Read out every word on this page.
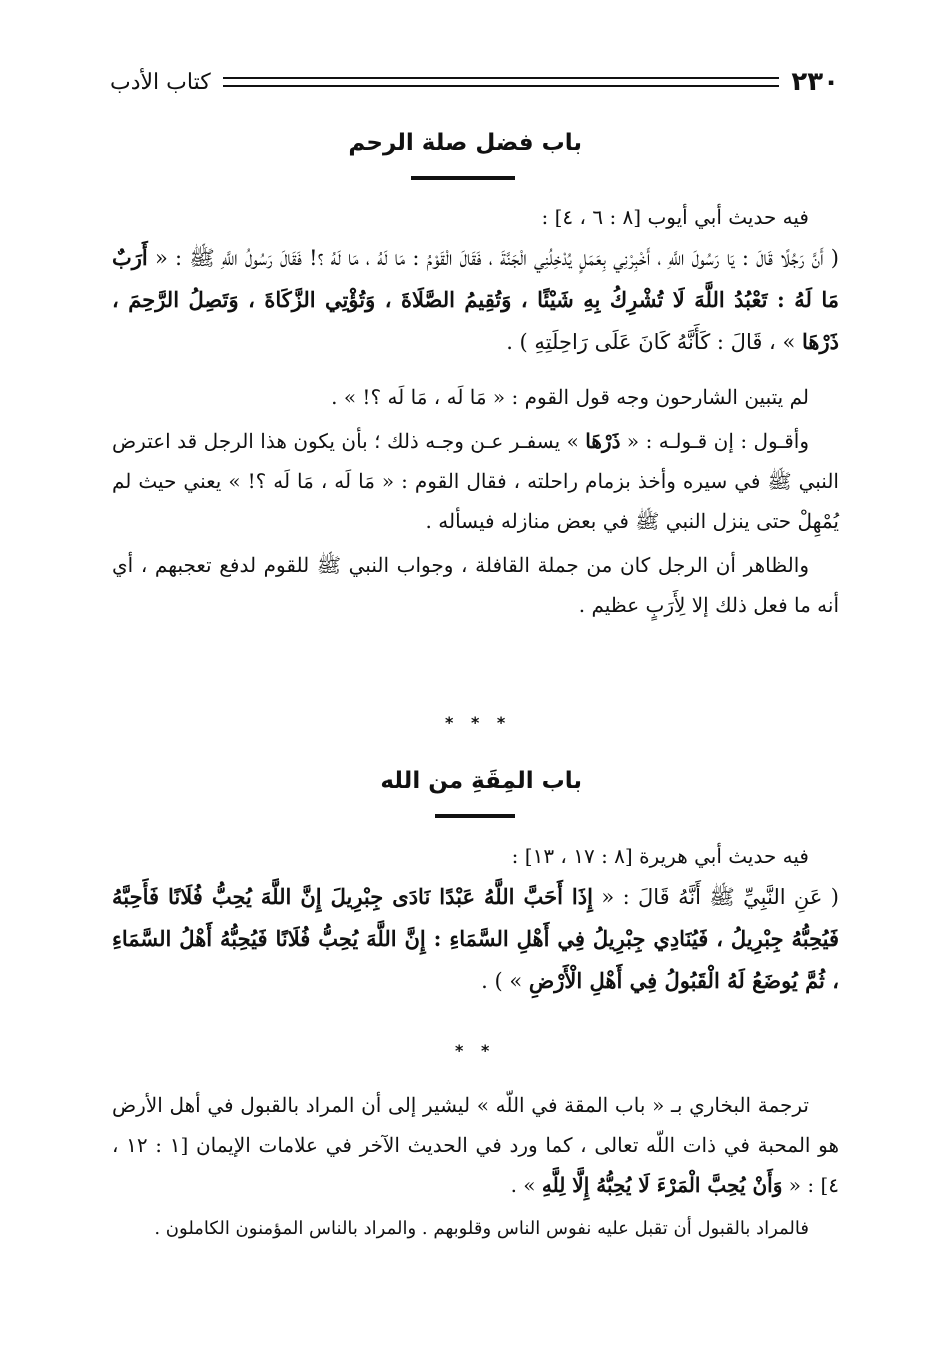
٢٣٠
كتاب الأدب
باب فضل صلة الرحم

فيه حديث أبي أيوب [٨ : ٦ ، ٤] :

( أَنَّ رَجُلًا قَالَ : يَا رَسُولَ اللَّهِ ، أَخْبِرْنِي بِعَمَلٍ يُدْخِلُنِي الْجَنَّةَ ، فَقَالَ الْقَوْمُ : مَا لَهُ ، مَا لَهُ ؟! فَقَالَ رَسُولُ اللَّهِ ﷺ : « أَرَبٌ مَا لَهُ : تَعْبُدُ اللَّهَ لَا تُشْرِكُ بِهِ شَيْئًا ، وَتُقِيمُ الصَّلَاةَ ، وَتُؤْتِي الزَّكَاةَ ، وَتَصِلُ الرَّحِمَ ، ذَرْهَا » ، قَالَ : كَأَنَّهُ كَانَ عَلَى رَاحِلَتِهِ ) .

لم يتبين الشارحون وجه قول القوم : « مَا لَه ، مَا لَه ؟! » .

وأقـول : إن قـولـه : « ذَرْهَا » يسفـر عـن وجـه ذلك ؛ بأن يكون هذا الرجل قد اعترض النبي ﷺ في سيره وأخذ بزمام راحلته ، فقال القوم : « مَا لَه ، مَا لَه ؟! » يعني حيث لم يُمْهِلْ حتى ينزل النبي ﷺ في بعض منازله فيسأله .

والظاهر أن الرجل كان من جملة القافلة ، وجواب النبي ﷺ للقوم لدفع تعجبهم ، أي أنه ما فعل ذلك إلا لِأَرَبٍ عظيم .

* * *
باب المِقَةِ من الله

فيه حديث أبي هريرة [٨ : ١٧ ، ١٣] :

( عَنِ النَّبِيِّ ﷺ أَنَّهُ قَالَ : « إِذَا أَحَبَّ اللَّهُ عَبْدًا نَادَى جِبْرِيلَ إِنَّ اللَّهَ يُحِبُّ فُلَانًا فَأَحِبَّهُ فَيُحِبُّهُ جِبْرِيلُ ، فَيُنَادِي جِبْرِيلُ فِي أَهْلِ السَّمَاءِ : إِنَّ اللَّهَ يُحِبُّ فُلَانًا فَيُحِبُّهُ أَهْلُ السَّمَاءِ ، ثُمَّ يُوضَعُ لَهُ الْقَبُولُ فِي أَهْلِ الْأَرْضِ » ) .

* *

ترجمة البخاري بـ « باب المقة في اللّه » ليشير إلى أن المراد بالقبول في أهل الأرض هو المحبة في ذات اللّه تعالى ، كما ورد في الحديث الآخر في علامات الإيمان [١ : ١٢ ، ٤] : « وَأَنْ يُحِبَّ الْمَرْءَ لَا يُحِبُّهُ إِلَّا لِلَّهِ » .

فالمراد بالقبول أن تقبل عليه نفوس الناس وقلوبهم . والمراد بالناس المؤمنون الكاملون .
